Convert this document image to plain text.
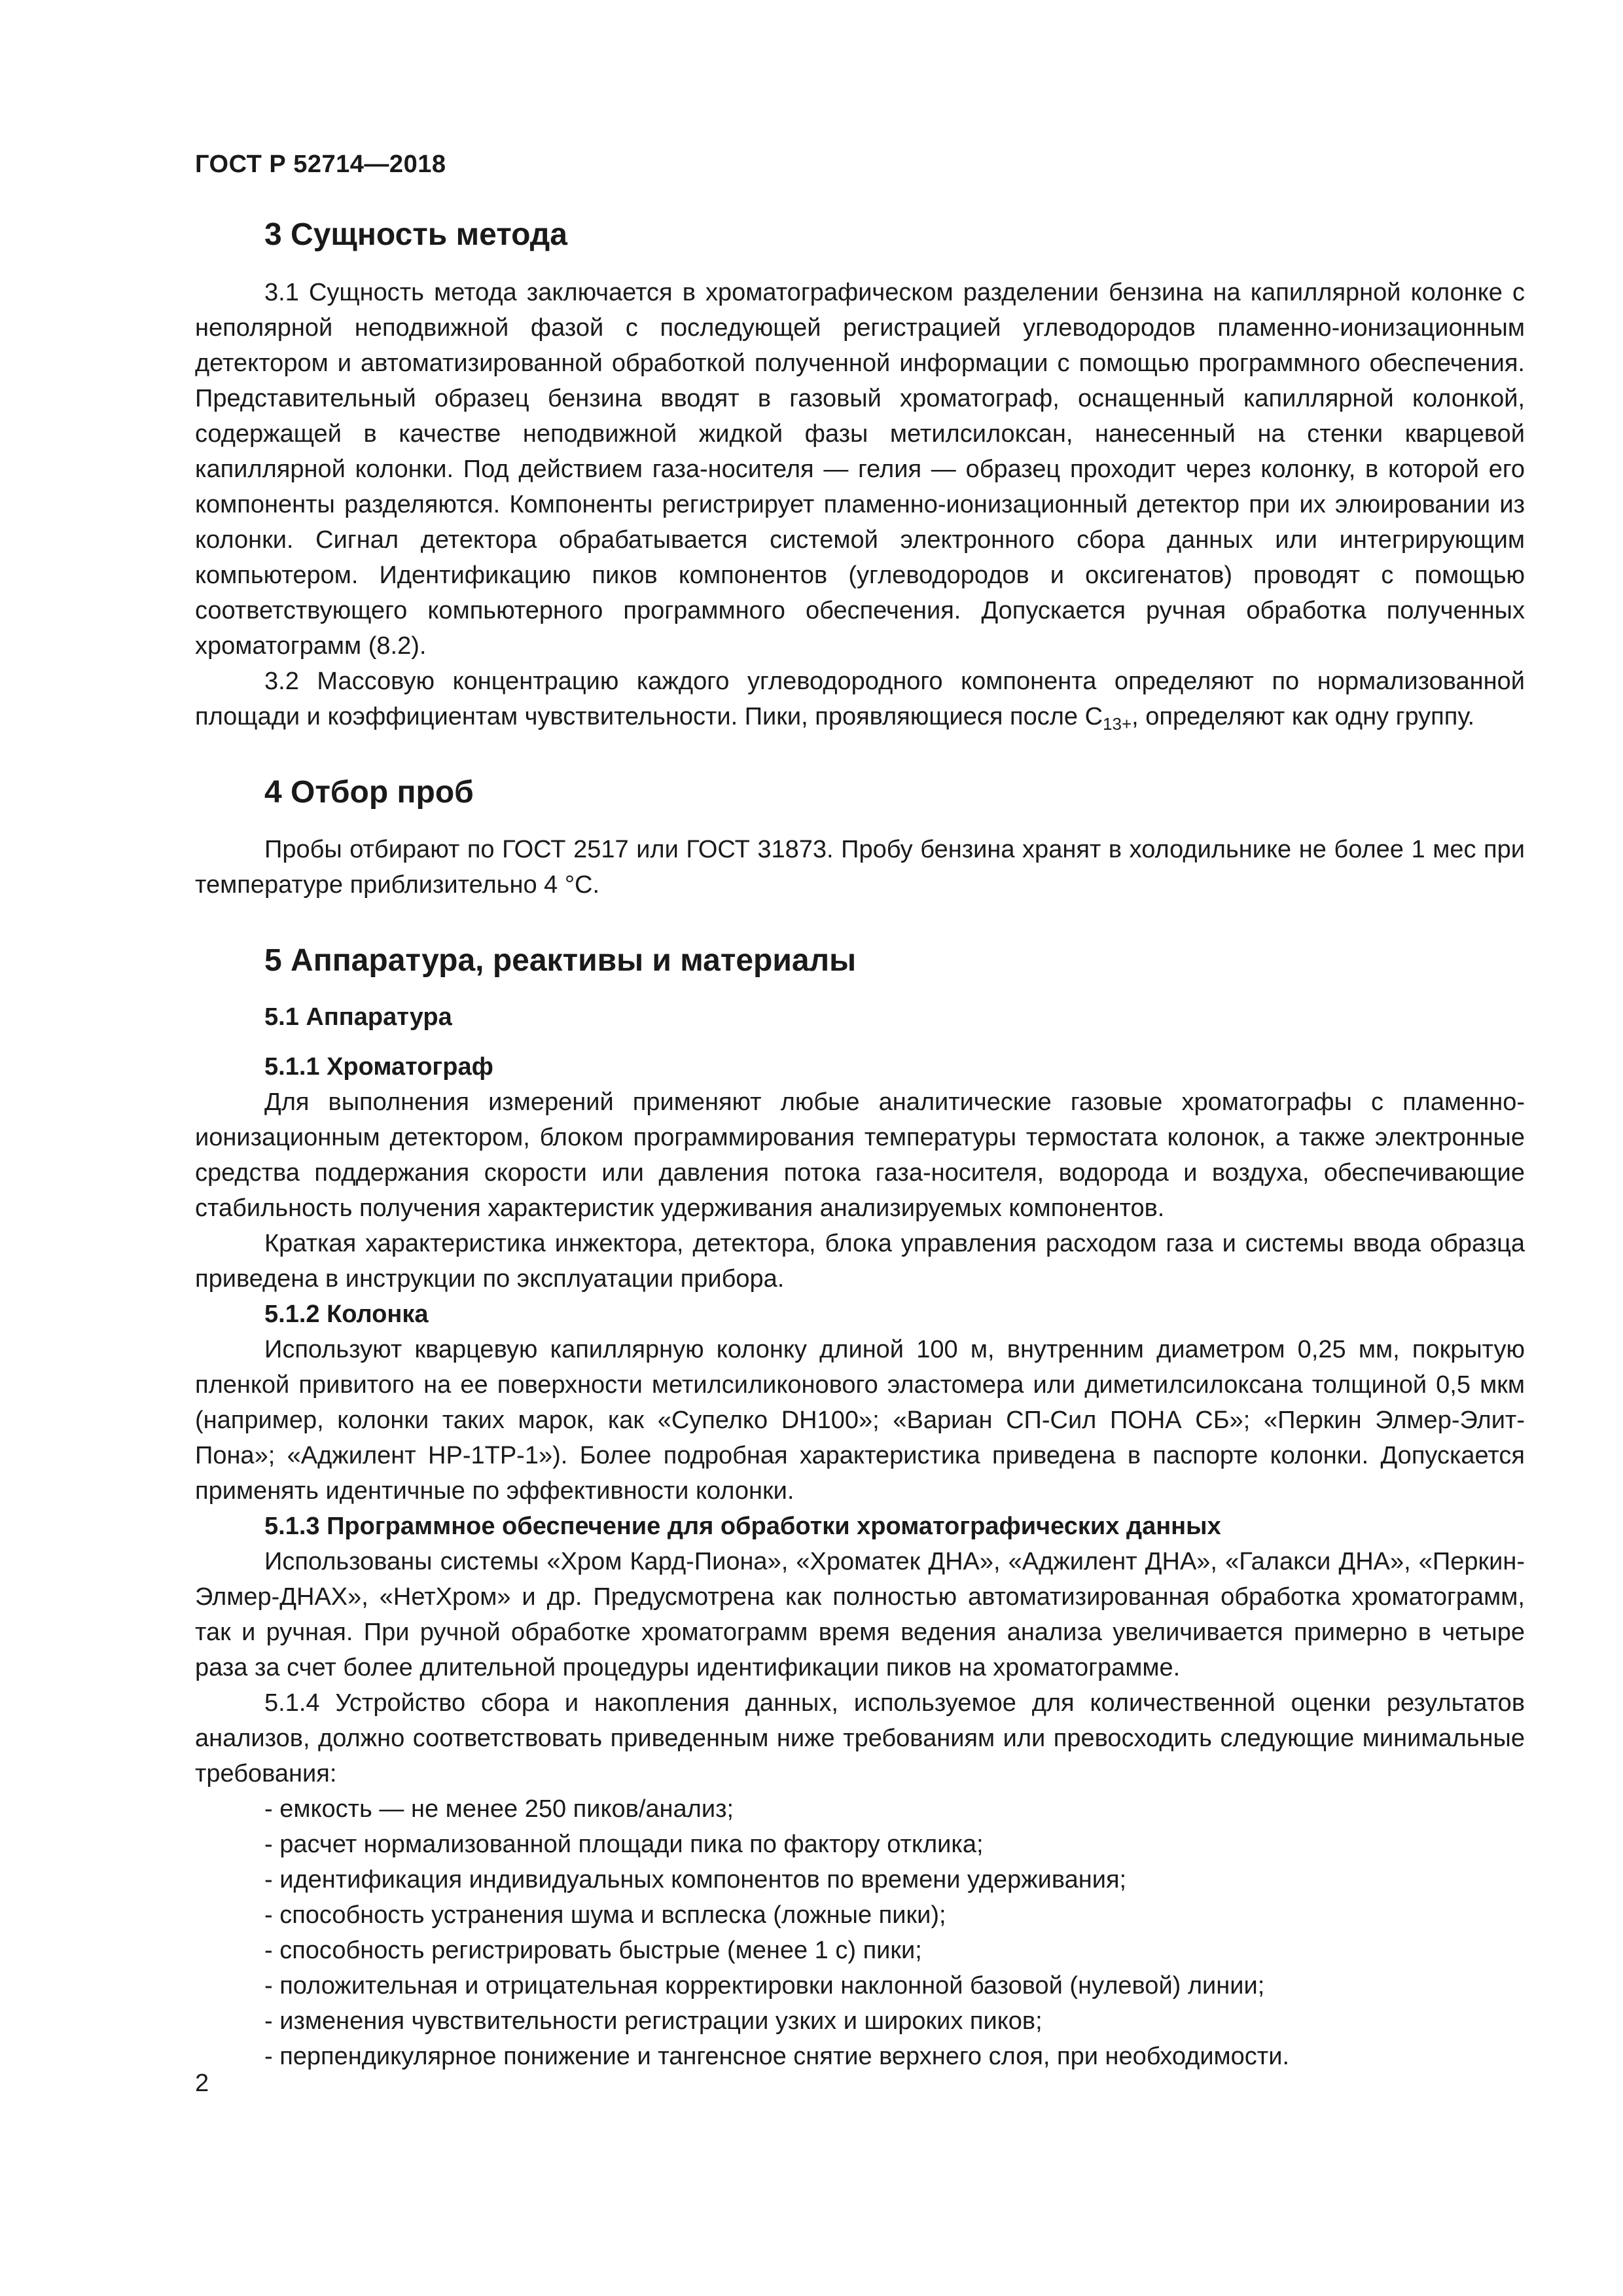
ГОСТ Р 52714—2018
3 Сущность метода

3.1 Сущность метода заключается в хроматографическом разделении бензина на капиллярной колонке с неполярной неподвижной фазой с последующей регистрацией углеводородов пламенно-ионизационным детектором и автоматизированной обработкой полученной информации с помощью программного обеспечения. Представительный образец бензина вводят в газовый хроматограф, оснащенный капиллярной колонкой, содержащей в качестве неподвижной жидкой фазы метилсилоксан, нанесенный на стенки кварцевой капиллярной колонки. Под действием газа-носителя — гелия — образец проходит через колонку, в которой его компоненты разделяются. Компоненты регистрирует пламенно-ионизационный детектор при их элюировании из колонки. Сигнал детектора обрабатывается системой электронного сбора данных или интегрирующим компьютером. Идентификацию пиков компонентов (углеводородов и оксигенатов) проводят с помощью соответствующего компьютерного программного обеспечения. Допускается ручная обработка полученных хроматограмм (8.2).

3.2 Массовую концентрацию каждого углеводородного компонента определяют по нормализованной площади и коэффициентам чувствительности. Пики, проявляющиеся после $C_{13+}$, определяют как одну группу.

4 Отбор проб

Пробы отбирают по ГОСТ 2517 или ГОСТ 31873. Пробу бензина хранят в холодильнике не более 1 мес при температуре приблизительно 4 °С.

5 Аппаратура, реактивы и материалы
5.1 Аппаратура
5.1.1 Хроматограф

Для выполнения измерений применяют любые аналитические газовые хроматографы с пламенно-ионизационным детектором, блоком программирования температуры термостата колонок, а также электронные средства поддержания скорости или давления потока газа-носителя, водорода и воздуха, обеспечивающие стабильность получения характеристик удерживания анализируемых компонентов.

Краткая характеристика инжектора, детектора, блока управления расходом газа и системы ввода образца приведена в инструкции по эксплуатации прибора.

5.1.2 Колонка

Используют кварцевую капиллярную колонку длиной 100 м, внутренним диаметром 0,25 мм, покрытую пленкой привитого на ее поверхности метилсиликонового эластомера или диметилсилоксана толщиной 0,5 мкм (например, колонки таких марок, как «Супелко DH100»; «Вариан СП-Сил ПОНА СБ»; «Перкин Элмер-Элит-Пона»; «Аджилент НР-1ТР-1»). Более подробная характеристика приведена в паспорте колонки. Допускается применять идентичные по эффективности колонки.

5.1.3 Программное обеспечение для обработки хроматографических данных

Использованы системы «Хром Кард-Пиона», «Хроматек ДНА», «Аджилент ДНА», «Галакси ДНА», «Перкин-Элмер-ДНАХ», «НетХром» и др. Предусмотрена как полностью автоматизированная обработка хроматограмм, так и ручная. При ручной обработке хроматограмм время ведения анализа увеличивается примерно в четыре раза за счет более длительной процедуры идентификации пиков на хроматограмме.

5.1.4 Устройство сбора и накопления данных, используемое для количественной оценки результатов анализов, должно соответствовать приведенным ниже требованиям или превосходить следующие минимальные требования:

- емкость — не менее 250 пиков/анализ;
- расчет нормализованной площади пика по фактору отклика;
- идентификация индивидуальных компонентов по времени удерживания;
- способность устранения шума и всплеска (ложные пики);
- способность регистрировать быстрые (менее 1 с) пики;
- положительная и отрицательная корректировки наклонной базовой (нулевой) линии;
- изменения чувствительности регистрации узких и широких пиков;
- перпендикулярное понижение и тангенсное снятие верхнего слоя, при необходимости.
2
